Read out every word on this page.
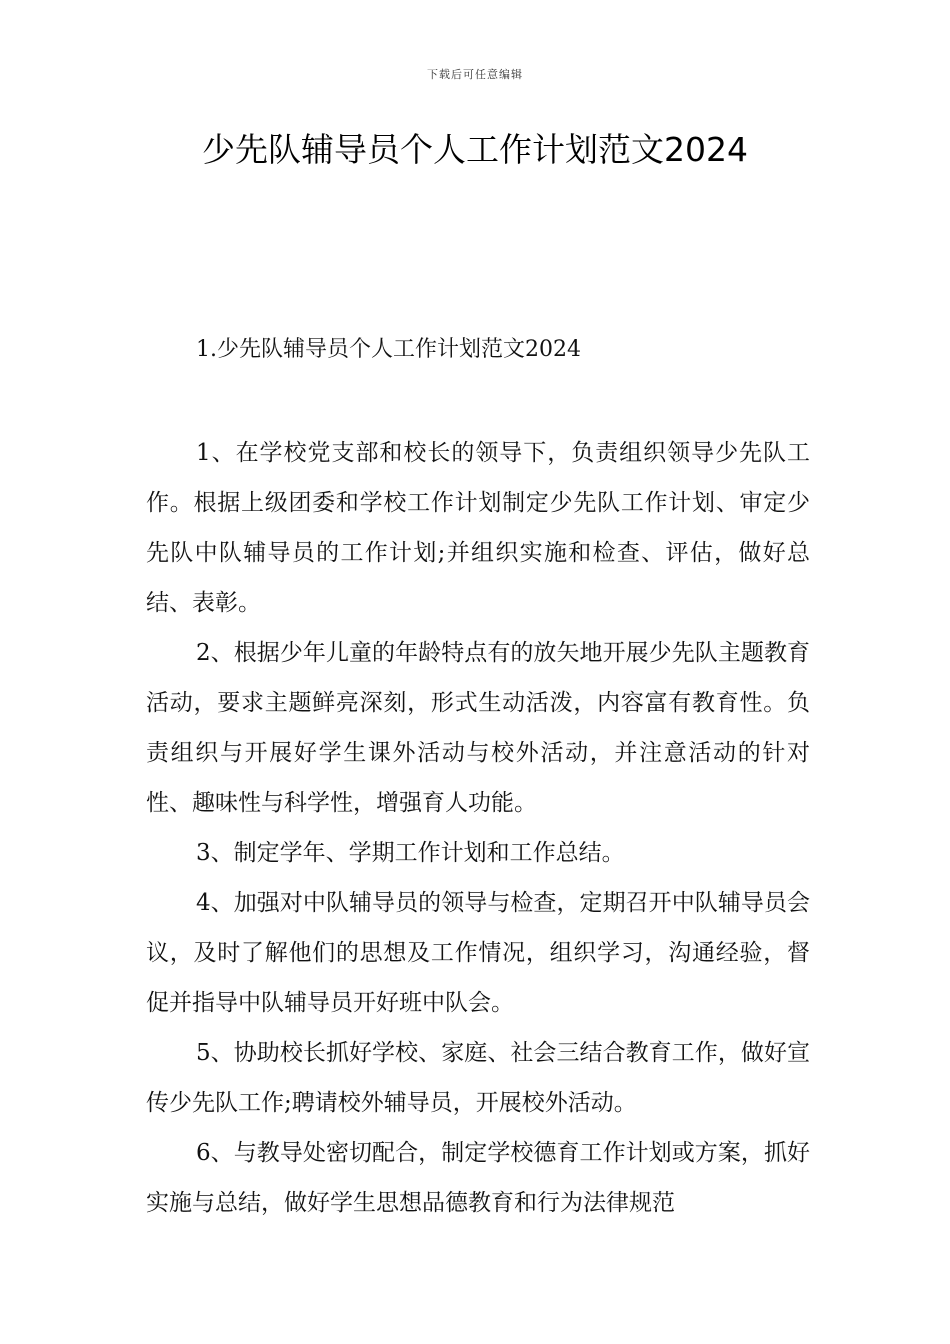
下载后可任意编辑
少先队辅导员个人工作计划范文2024
1.少先队辅导员个人工作计划范文2024

1、在学校党支部和校长的领导下，负责组织领导少先队工作。根据上级团委和学校工作计划制定少先队工作计划、审定少先队中队辅导员的工作计划;并组织实施和检查、评估，做好总结、表彰。

2、根据少年儿童的年龄特点有的放矢地开展少先队主题教育活动，要求主题鲜亮深刻，形式生动活泼，内容富有教育性。负责组织与开展好学生课外活动与校外活动，并注意活动的针对性、趣味性与科学性，增强育人功能。

3、制定学年、学期工作计划和工作总结。

4、加强对中队辅导员的领导与检查，定期召开中队辅导员会议，及时了解他们的思想及工作情况，组织学习，沟通经验，督促并指导中队辅导员开好班中队会。

5、协助校长抓好学校、家庭、社会三结合教育工作，做好宣传少先队工作;聘请校外辅导员，开展校外活动。

6、与教导处密切配合，制定学校德育工作计划或方案，抓好实施与总结，做好学生思想品德教育和行为法律规范
